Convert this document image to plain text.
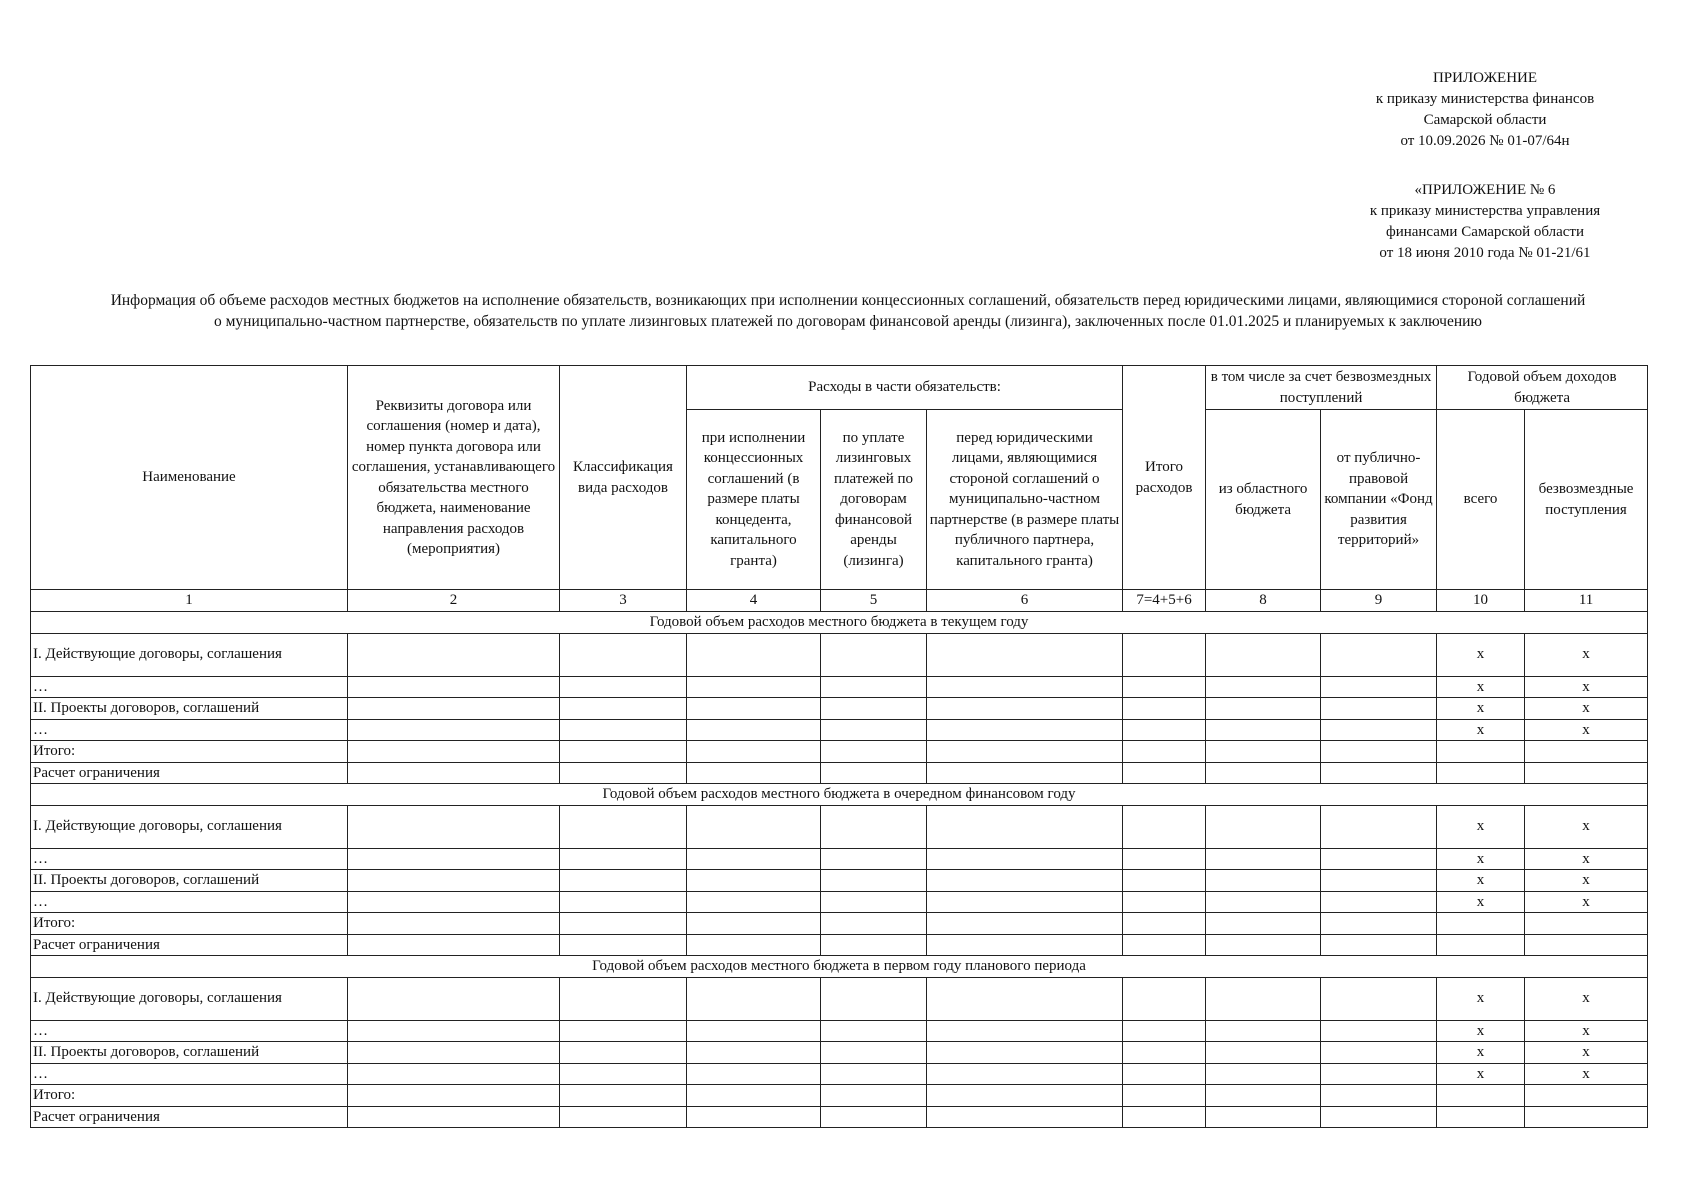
ПРИЛОЖЕНИЕ
к приказу министерства финансов
Самарской области
от 10.09.2026 № 01-07/64н
«ПРИЛОЖЕНИЕ № 6
к приказу министерства управления
финансами Самарской области
от 18 июня 2010 года № 01-21/61
Информация об объеме расходов местных бюджетов на исполнение обязательств, возникающих при исполнении концессионных соглашений, обязательств перед юридическими лицами, являющимися стороной соглашений
о муниципально-частном партнерстве, обязательств по уплате лизинговых платежей по договорам финансовой аренды (лизинга), заключенных после 01.01.2025 и планируемых к заключению
Наименование	Реквизиты договора или соглашения (номер и дата), номер пункта договора или соглашения, устанавливающего обязательства местного бюджета, наименование направления расходов (мероприятия)	Классификация вида расходов	Расходы в части обязательств:			Итого расходов	в том числе за счет безвозмездных поступлений		Годовой объем доходов бюджета	
			при исполнении концессионных соглашений (в размере платы концедента, капитального гранта)	по уплате лизинговых платежей по договорам финансовой аренды (лизинга)	перед юридическими лицами, являющимися стороной соглашений о муниципально-частном партнерстве (в размере платы публичного партнера, капитального гранта)		из областного бюджета	от публично-правовой компании «Фонд развития территорий»	всего	безвозмездные поступления
1	2	3	4	5	6	7=4+5+6	8	9	10	11
Годовой объем расходов местного бюджета в текущем году										
I. Действующие договоры, соглашения									x	x
…									x	x
II. Проекты договоров, соглашений									x	x
…									x	x
Итого:										
Расчет ограничения										
Годовой объем расходов местного бюджета в очередном финансовом году										
I. Действующие договоры, соглашения									x	x
…									x	x
II. Проекты договоров, соглашений									x	x
…									x	x
Итого:										
Расчет ограничения										
Годовой объем расходов местного бюджета в первом году планового периода										
I. Действующие договоры, соглашения									x	x
…									x	x
II. Проекты договоров, соглашений									x	x
…									x	x
Итого:										
Расчет ограничения										
